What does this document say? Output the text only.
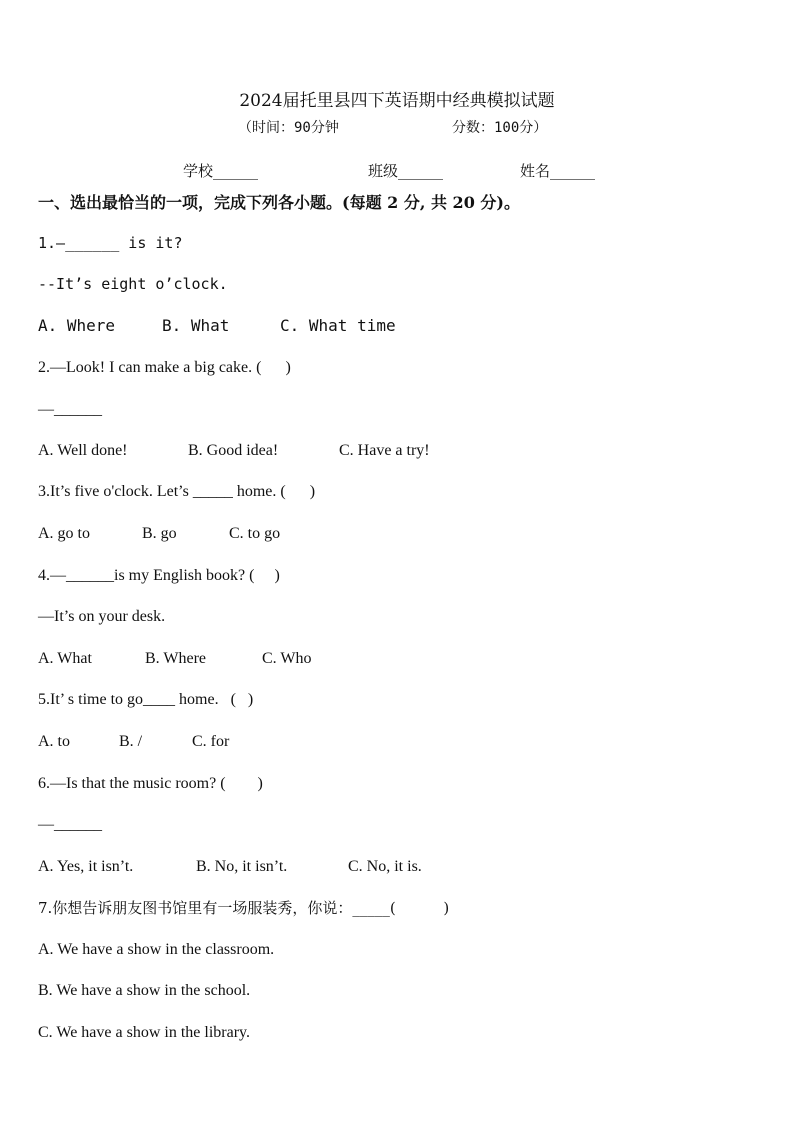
2024届托里县四下英语期中经典模拟试题
（时间：90分钟	分数：100分）
学校______	班级______	姓名______
一、选出最恰当的一项，完成下列各小题。(每题 2 分, 共 20 分)。
1.—______ is it?
--It’s eight o’clock.
A. Where	B. What	C. What time
2.—Look! I can make a big cake. (      )
—______
A. Well done!	B. Good idea!	C. Have a try!
3.It’s five o'clock. Let’s _____ home. (      )
A. go to	B. go	C. to go
4.—______is my English book? (     )
—It’s on your desk.
A. What	B. Where	C. Who
5.It’ s time to go____ home.   (   )
A. to	B. /	C. for
6.—Is that the music room? (        )
—______
A. Yes, it isn’t.	B. No, it isn’t.	C. No, it is.
7.你想告诉朋友图书馆里有一场服装秀，你说：_____(          )
A. We have a show in the classroom.
B. We have a show in the school.
C. We have a show in the library.
